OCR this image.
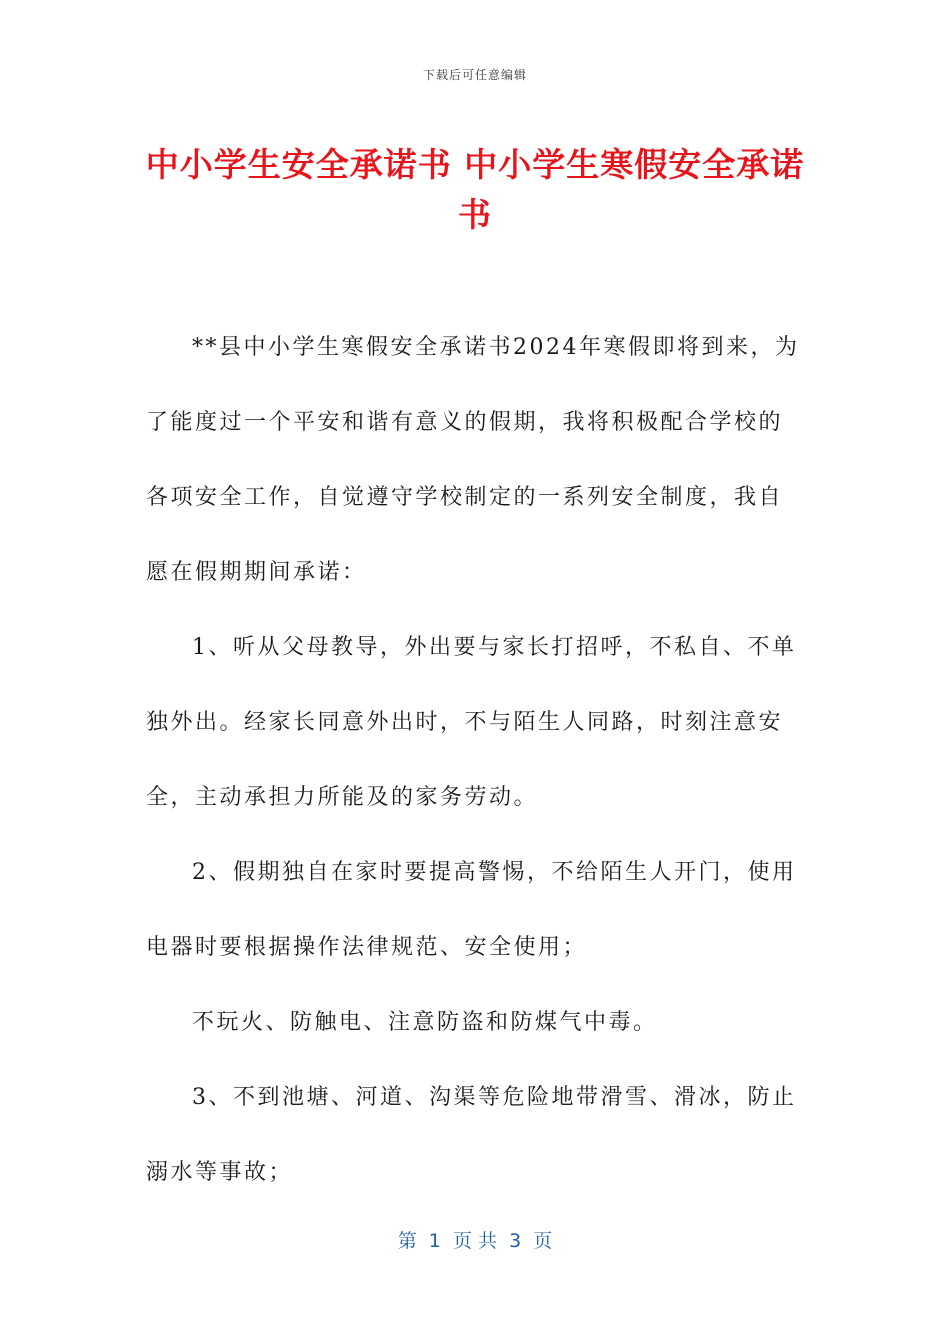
下载后可任意编辑
中小学生安全承诺书 中小学生寒假安全承诺书

**县中小学生寒假安全承诺书2024年寒假即将到来，为了能度过一个平安和谐有意义的假期，我将积极配合学校的各项安全工作，自觉遵守学校制定的一系列安全制度，我自愿在假期期间承诺：

1、听从父母教导，外出要与家长打招呼，不私自、不单独外出。经家长同意外出时，不与陌生人同路，时刻注意安全，主动承担力所能及的家务劳动。

2、假期独自在家时要提高警惕，不给陌生人开门，使用电器时要根据操作法律规范、安全使用；

不玩火、防触电、注意防盗和防煤气中毒。

3、不到池塘、河道、沟渠等危险地带滑雪、滑冰，防止溺水等事故；

第  1  页 共  3  页
